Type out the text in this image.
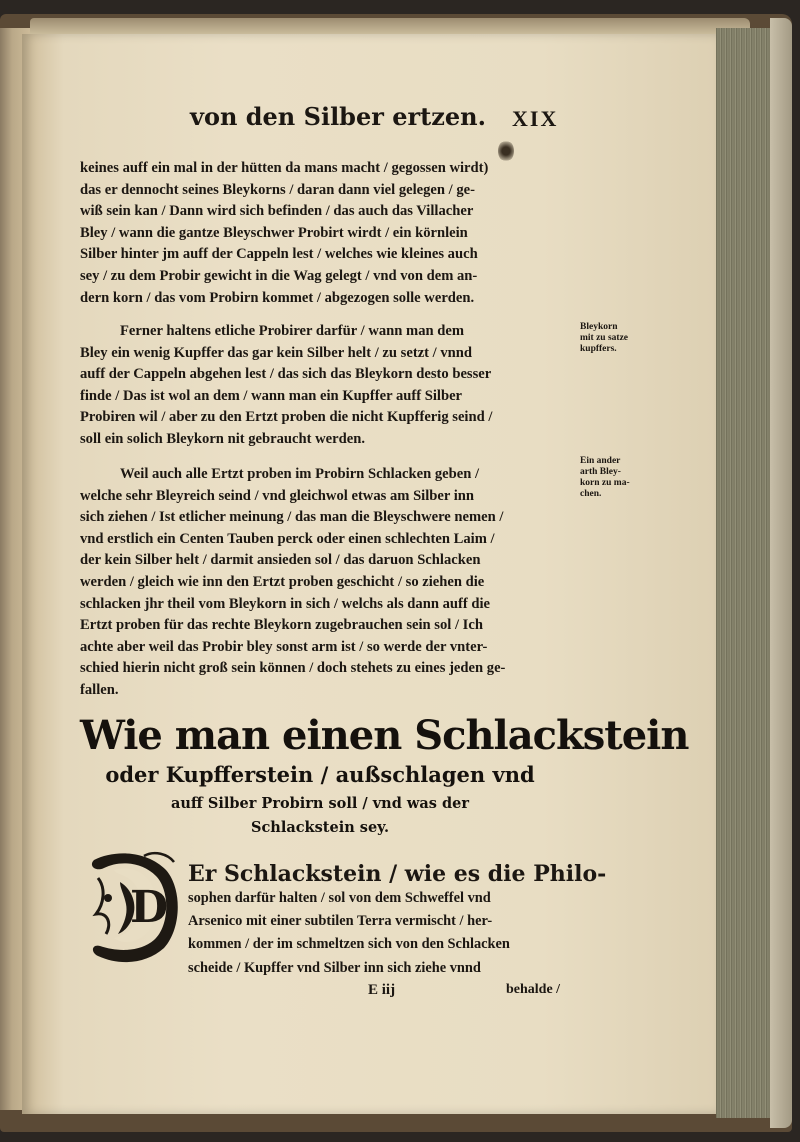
von den Silber ertzen. XIX
keines auff ein mal in der hütten da mans macht / gegossen wirdt)
das er dennocht seines Bleykorns / daran dann viel gelegen / ge-
wiß sein kan / Dann wird sich befinden / das auch das Villacher
Bley / wann die gantze Bleyschwer Probirt wirdt / ein körnlein
Silber hinter jm auff der Cappeln lest / welches wie kleines auch
sey / zu dem Probir gewicht in die Wag gelegt / vnd von dem an-
dern korn / das vom Probirn kommet / abgezogen solle werden.
Ferner haltens etliche Probirer darfür / wann man dem
Bley ein wenig Kupffer das gar kein Silber helt / zu setzt / vnnd
auff der Cappeln abgehen lest / das sich das Bleykorn desto besser
finde / Das ist wol an dem / wann man ein Kupffer auff Silber
Probiren wil / aber zu den Ertzt proben die nicht Kupfferig seind /
soll ein solich Bleykorn nit gebraucht werden.
Bleykorn
mit zu satze
kupffers.
Weil auch alle Ertzt proben im Probirn Schlacken geben /
welche sehr Bleyreich seind / vnd gleichwol etwas am Silber inn
sich ziehen / Ist etlicher meinung / das man die Bleyschwere nemen /
vnd erstlich ein Centen Tauben perck oder einen schlechten Laim /
der kein Silber helt / darmit ansieden sol / das daruon Schlacken
werden / gleich wie inn den Ertzt proben geschicht / so ziehen die
schlacken jhr theil vom Bleykorn in sich / welchs als dann auff die
Ertzt proben für das rechte Bleykorn zugebrauchen sein sol / Ich
achte aber weil das Probir bley sonst arm ist / so werde der vnter-
schied hierin nicht groß sein können / doch stehets zu eines jeden ge-
fallen.
Ein ander
arth Bley-
korn zu ma-
chen.
Wie man einen Schlackstein
oder Kupfferstein / außschlagen vnd
auff Silber Probirn soll / vnd was der
Schlackstein sey.
D
Er Schlackstein / wie es die Philo-
sophen darfür halten / sol von dem Schweffel vnd
Arsenico mit einer subtilen Terra vermischt / her-
kommen / der im schmeltzen sich von den Schlacken
scheide / Kupffer vnd Silber inn sich ziehe vnnd
E iij	behalde /
